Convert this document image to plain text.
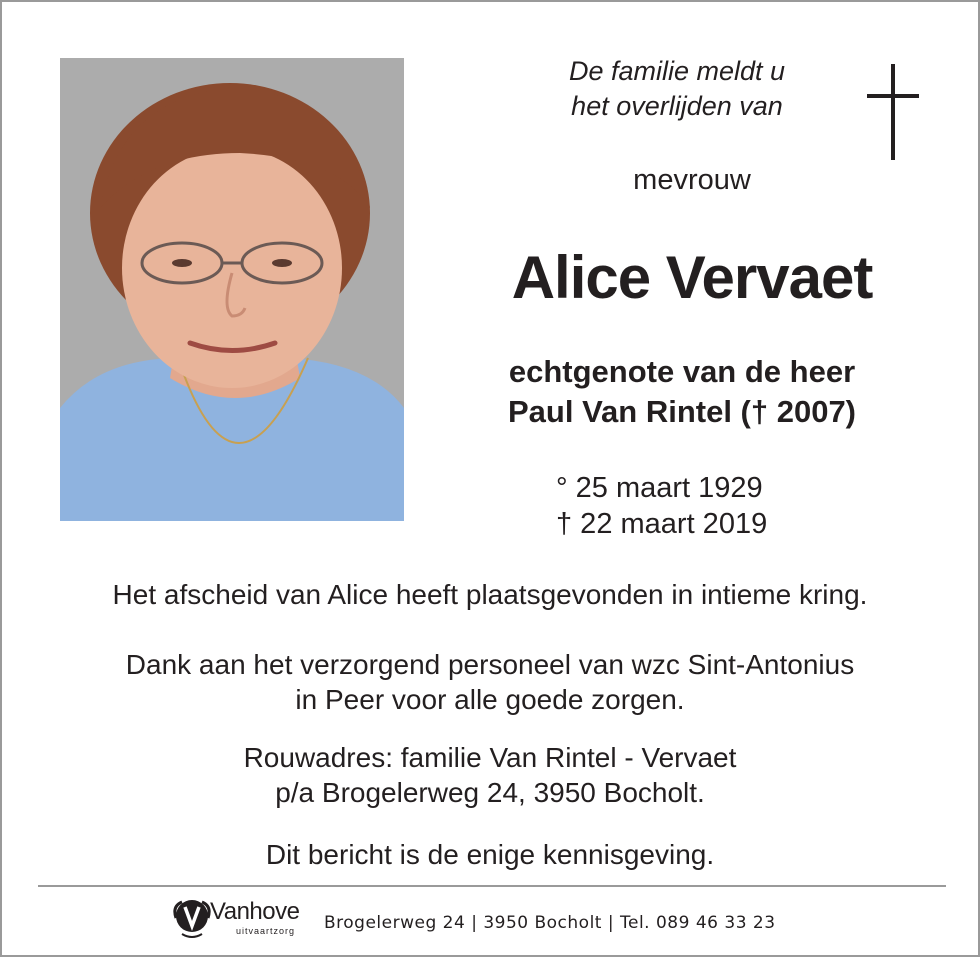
De familie meldt u
het overlijden van
mevrouw
Alice Vervaet
echtgenote van de heer
Paul Van Rintel († 2007)
° 25 maart 1929
† 22 maart 2019
Het afscheid van Alice heeft plaatsgevonden in intieme kring.
Dank aan het verzorgend personeel van wzc Sint-Antonius
in Peer voor alle goede zorgen.
Rouwadres: familie Van Rintel - Vervaet
p/a Brogelerweg 24, 3950 Bocholt.
Dit bericht is de enige kennisgeving.
Vanhove
uitvaartzorg Brogelerweg 24 | 3950 Bocholt | Tel. 089 46 33 23
